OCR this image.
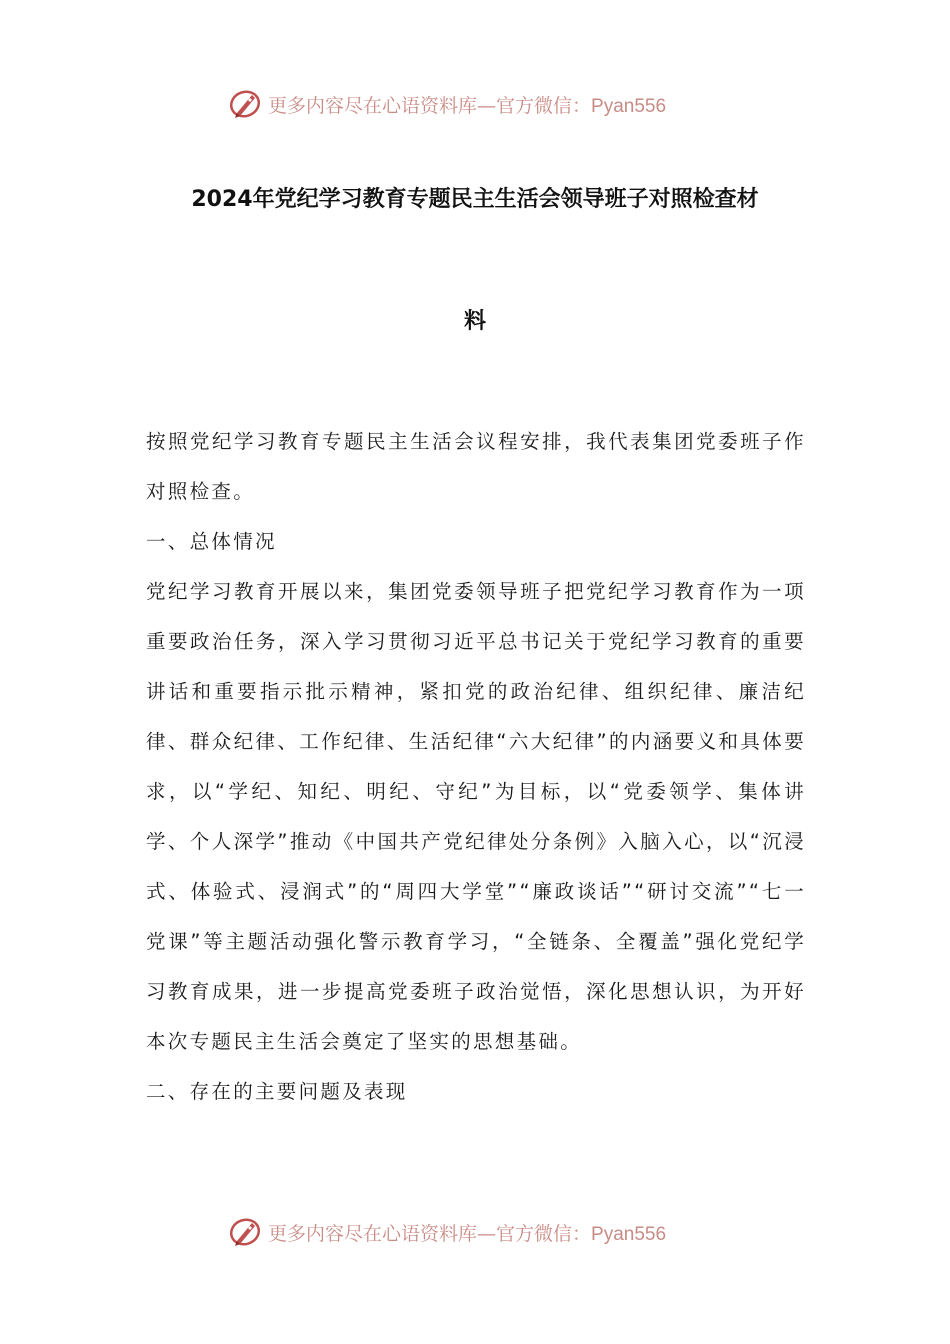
更多内容尽在心语资料库—官方微信：Pyan556
2024年党纪学习教育专题民主生活会领导班子对照检查材
料

按照党纪学习教育专题民主生活会议程安排，我代表集团党委班子作对照检查。

一、总体情况

党纪学习教育开展以来，集团党委领导班子把党纪学习教育作为一项重要政治任务，深入学习贯彻习近平总书记关于党纪学习教育的重要讲话和重要指示批示精神，紧扣党的政治纪律、组织纪律、廉洁纪律、群众纪律、工作纪律、生活纪律“六大纪律”的内涵要义和具体要求，以“学纪、知纪、明纪、守纪”为目标，以“党委领学、集体讲学、个人深学”推动《中国共产党纪律处分条例》入脑入心，以“沉浸式、体验式、浸润式”的“周四大学堂”“廉政谈话”“研讨交流”“七一党课”等主题活动强化警示教育学习，“全链条、全覆盖”强化党纪学习教育成果，进一步提高党委班子政治觉悟，深化思想认识，为开好本次专题民主生活会奠定了坚实的思想基础。

二、存在的主要问题及表现

更多内容尽在心语资料库—官方微信：Pyan556
